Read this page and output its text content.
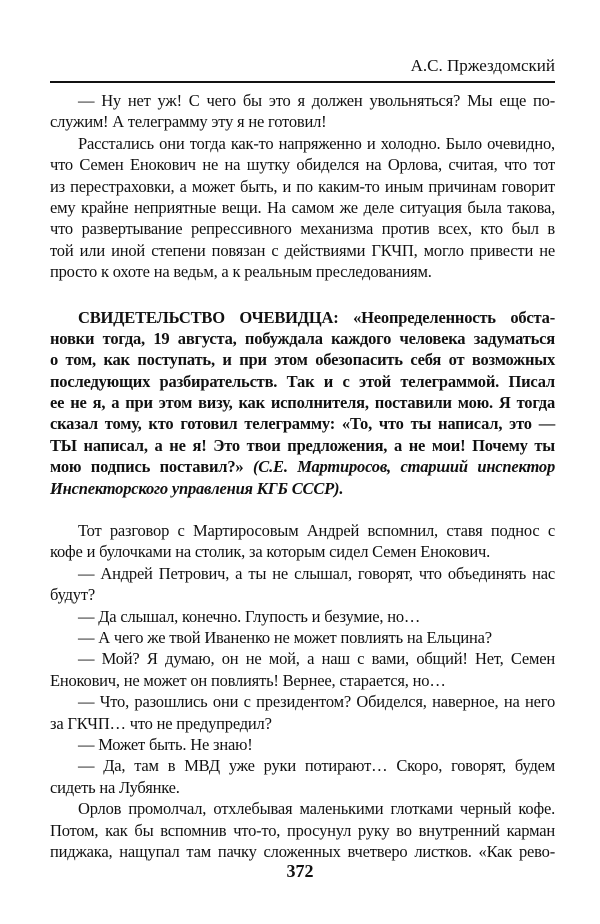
А.С. Пржездомский
— Ну нет уж! С чего бы это я должен увольняться? Мы еще по-
служим! А телеграмму эту я не готовил!
Расстались они тогда как-то напряженно и холодно. Было очевидно,
что Семен Енокович не на шутку обиделся на Орлова, считая, что тот
из перестраховки, а может быть, и по каким-то иным причинам говорит
ему крайне неприятные вещи. На самом же деле ситуация была такова,
что развертывание репрессивного механизма против всех, кто был в
той или иной степени повязан с действиями ГКЧП, могло привести не
просто к охоте на ведьм, а к реальным преследованиям.
СВИДЕТЕЛЬСТВО ОЧЕВИДЦА: «Неопределенность обста-
новки тогда, 19 августа, побуждала каждого человека задуматься
о том, как поступать, и при этом обезопасить себя от возможных
последующих разбирательств. Так и с этой телеграммой. Писал
ее не я, а при этом визу, как исполнителя, поставили мою. Я тогда
сказал тому, кто готовил телеграмму: «То, что ты написал, это —
ТЫ написал, а не я! Это твои предложения, а не мои! Почему ты
мою подпись поставил?» (С.Е. Мартиросов, старший инспектор
Инспекторского управления КГБ СССР).
Тот разговор с Мартиросовым Андрей вспомнил, ставя поднос с
кофе и булочками на столик, за которым сидел Семен Енокович.
— Андрей Петрович, а ты не слышал, говорят, что объединять нас
будут?
— Да слышал, конечно. Глупость и безумие, но…
— А чего же твой Иваненко не может повлиять на Ельцина?
— Мой? Я думаю, он не мой, а наш с вами, общий! Нет, Семен
Енокович, не может он повлиять! Вернее, старается, но…
— Что, разошлись они с президентом? Обиделся, наверное, на него
за ГКЧП… что не предупредил?
— Может быть. Не знаю!
— Да, там в МВД уже руки потирают… Скоро, говорят, будем
сидеть на Лубянке.
Орлов промолчал, отхлебывая маленькими глотками черный кофе.
Потом, как бы вспомнив что-то, просунул руку во внутренний карман
пиджака, нащупал там пачку сложенных вчетверо листков. «Как рево-
372
